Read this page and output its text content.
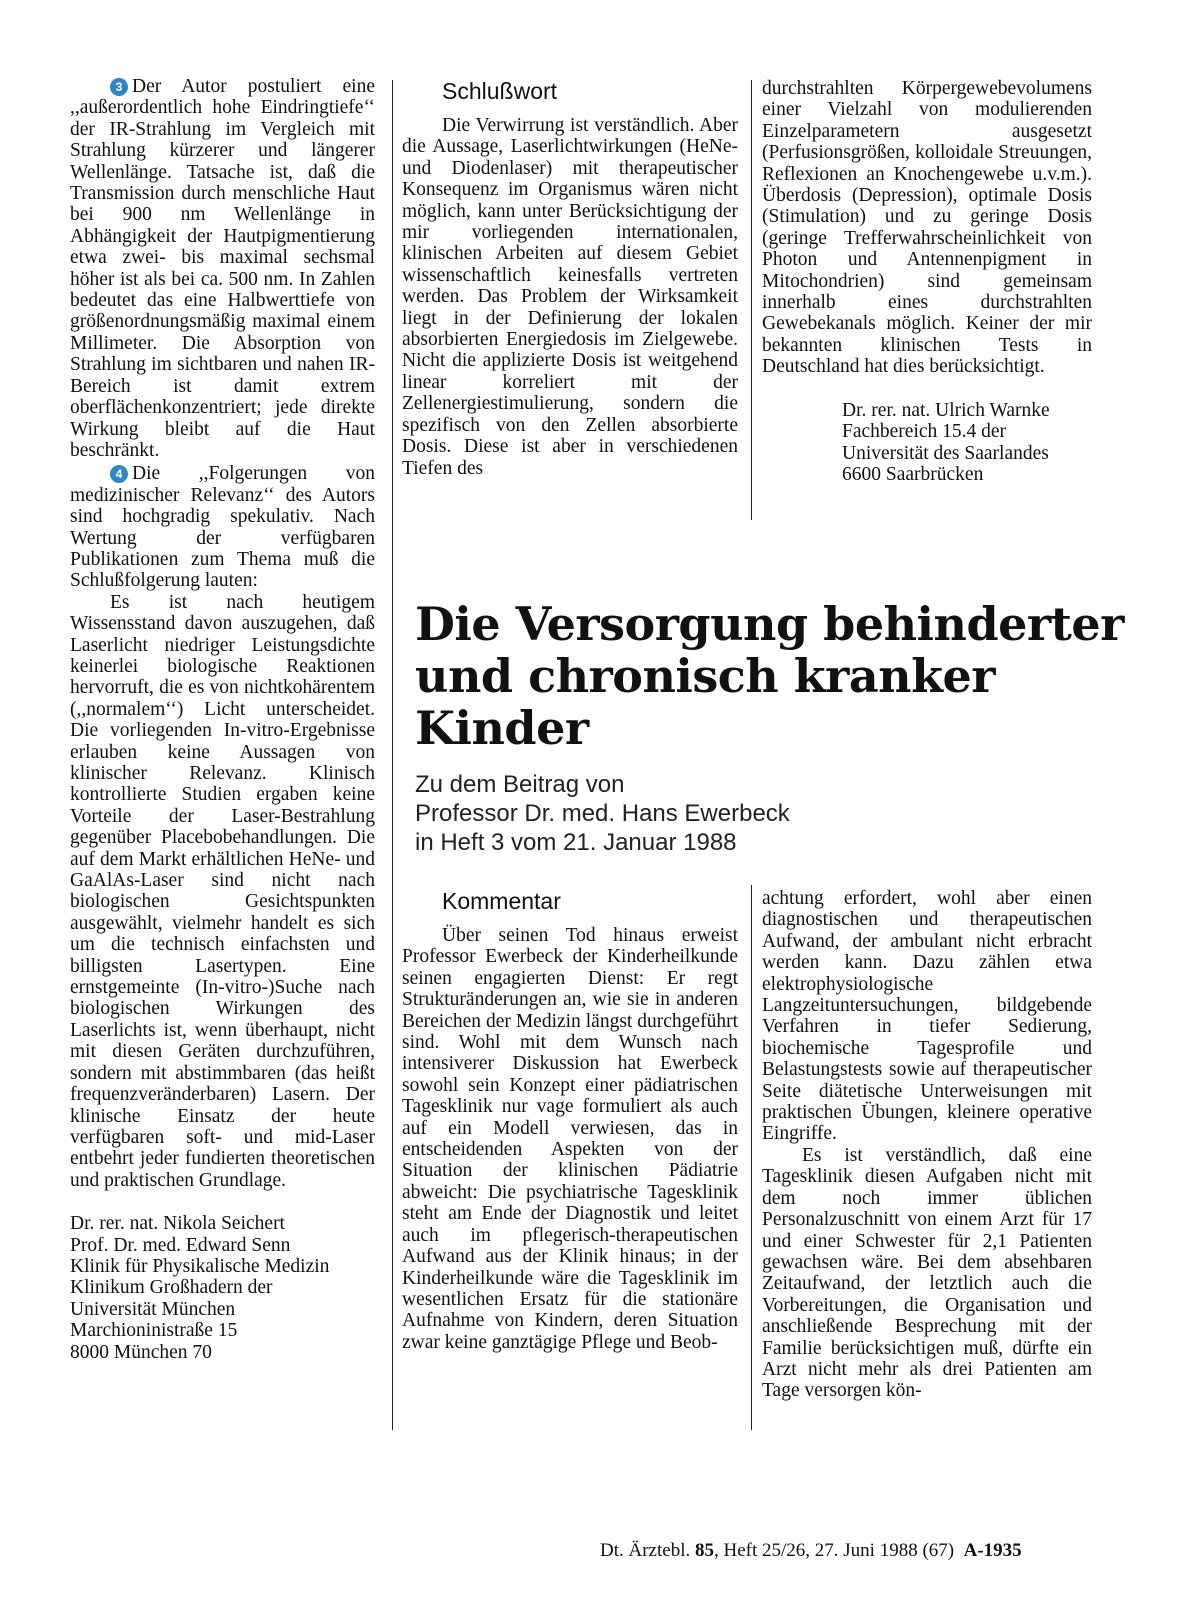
3 Der Autor postuliert eine ,,außerordentlich hohe Eindringtiefe‘‘ der IR-Strahlung im Vergleich mit Strahlung kürzerer und längerer Wellenlänge. Tatsache ist, daß die Transmission durch menschliche Haut bei 900 nm Wellenlänge in Abhängigkeit der Hautpigmentierung etwa zwei- bis maximal sechsmal höher ist als bei ca. 500 nm. In Zahlen bedeutet das eine Halbwerttiefe von größenordnungsmäßig maximal einem Millimeter. Die Absorption von Strahlung im sichtbaren und nahen IR-Bereich ist damit extrem oberflächenkonzentriert; jede direkte Wirkung bleibt auf die Haut beschränkt.

4 Die ,,Folgerungen von medizinischer Relevanz‘‘ des Autors sind hochgradig spekulativ. Nach Wertung der verfügbaren Publikationen zum Thema muß die Schlußfolgerung lauten:

Es ist nach heutigem Wissensstand davon auszugehen, daß Laserlicht niedriger Leistungsdichte keinerlei biologische Reaktionen hervorruft, die es von nichtkohärentem (,,normalem‘‘) Licht unterscheidet. Die vorliegenden In-vitro-Ergebnisse erlauben keine Aussagen von klinischer Relevanz. Klinisch kontrollierte Studien ergaben keine Vorteile der Laser-Bestrahlung gegenüber Placebobehandlungen. Die auf dem Markt erhältlichen HeNe- und GaAlAs-Laser sind nicht nach biologischen Gesichtspunkten ausgewählt, vielmehr handelt es sich um die technisch einfachsten und billigsten Lasertypen. Eine ernstgemeinte (In-vitro-)Suche nach biologischen Wirkungen des Laserlichts ist, wenn überhaupt, nicht mit diesen Geräten durchzuführen, sondern mit abstimmbaren (das heißt frequenzveränderbaren) Lasern. Der klinische Einsatz der heute verfügbaren soft- und mid-Laser entbehrt jeder fundierten theoretischen und praktischen Grundlage.

Dr. rer. nat. Nikola Seichert
Prof. Dr. med. Edward Senn
Klinik für Physikalische Medizin
Klinikum Großhadern der
Universität München
Marchioninistraße 15
8000 München 70
Schlußwort

Die Verwirrung ist verständlich. Aber die Aussage, Laserlichtwirkungen (HeNe- und Diodenlaser) mit therapeutischer Konsequenz im Organismus wären nicht möglich, kann unter Berücksichtigung der mir vorliegenden internationalen, klinischen Arbeiten auf diesem Gebiet wissenschaftlich keinesfalls vertreten werden. Das Problem der Wirksamkeit liegt in der Definierung der lokalen absorbierten Energiedosis im Zielgewebe. Nicht die applizierte Dosis ist weitgehend linear korreliert mit der Zellenergiestimulierung, sondern die spezifisch von den Zellen absorbierte Dosis. Diese ist aber in verschiedenen Tiefen des

durchstrahlten Körpergewebevolumens einer Vielzahl von modulierenden Einzelparametern ausgesetzt (Perfusionsgrößen, kolloidale Streuungen, Reflexionen an Knochengewebe u.v.m.). Überdosis (Depression), optimale Dosis (Stimulation) und zu geringe Dosis (geringe Trefferwahrscheinlichkeit von Photon und Antennenpigment in Mitochondrien) sind gemeinsam innerhalb eines durchstrahlten Gewebekanals möglich. Keiner der mir bekannten klinischen Tests in Deutschland hat dies berücksichtigt.

Dr. rer. nat. Ulrich Warnke
Fachbereich 15.4 der
Universität des Saarlandes
6600 Saarbrücken
Die Versorgung behinderter und chronisch kranker Kinder
Zu dem Beitrag von
Professor Dr. med. Hans Ewerbeck
in Heft 3 vom 21. Januar 1988
Kommentar

Über seinen Tod hinaus erweist Professor Ewerbeck der Kinderheilkunde seinen engagierten Dienst: Er regt Strukturänderungen an, wie sie in anderen Bereichen der Medizin längst durchgeführt sind. Wohl mit dem Wunsch nach intensiverer Diskussion hat Ewerbeck sowohl sein Konzept einer pädiatrischen Tagesklinik nur vage formuliert als auch auf ein Modell verwiesen, das in entscheidenden Aspekten von der Situation der klinischen Pädiatrie abweicht: Die psychiatrische Tagesklinik steht am Ende der Diagnostik und leitet auch im pflegerisch-therapeutischen Aufwand aus der Klinik hinaus; in der Kinderheilkunde wäre die Tagesklinik im wesentlichen Ersatz für die stationäre Aufnahme von Kindern, deren Situation zwar keine ganztägige Pflege und Beob-

achtung erfordert, wohl aber einen diagnostischen und therapeutischen Aufwand, der ambulant nicht erbracht werden kann. Dazu zählen etwa elektrophysiologische Langzeituntersuchungen, bildgebende Verfahren in tiefer Sedierung, biochemische Tagesprofile und Belastungstests sowie auf therapeutischer Seite diätetische Unterweisungen mit praktischen Übungen, kleinere operative Eingriffe.

Es ist verständlich, daß eine Tagesklinik diesen Aufgaben nicht mit dem noch immer üblichen Personalzuschnitt von einem Arzt für 17 und einer Schwester für 2,1 Patienten gewachsen wäre. Bei dem absehbaren Zeitaufwand, der letztlich auch die Vorbereitungen, die Organisation und anschließende Besprechung mit der Familie berücksichtigen muß, dürfte ein Arzt nicht mehr als drei Patienten am Tage versorgen kön-

Dt. Ärztebl. 85, Heft 25/26, 27. Juni 1988 (67) A-1935
